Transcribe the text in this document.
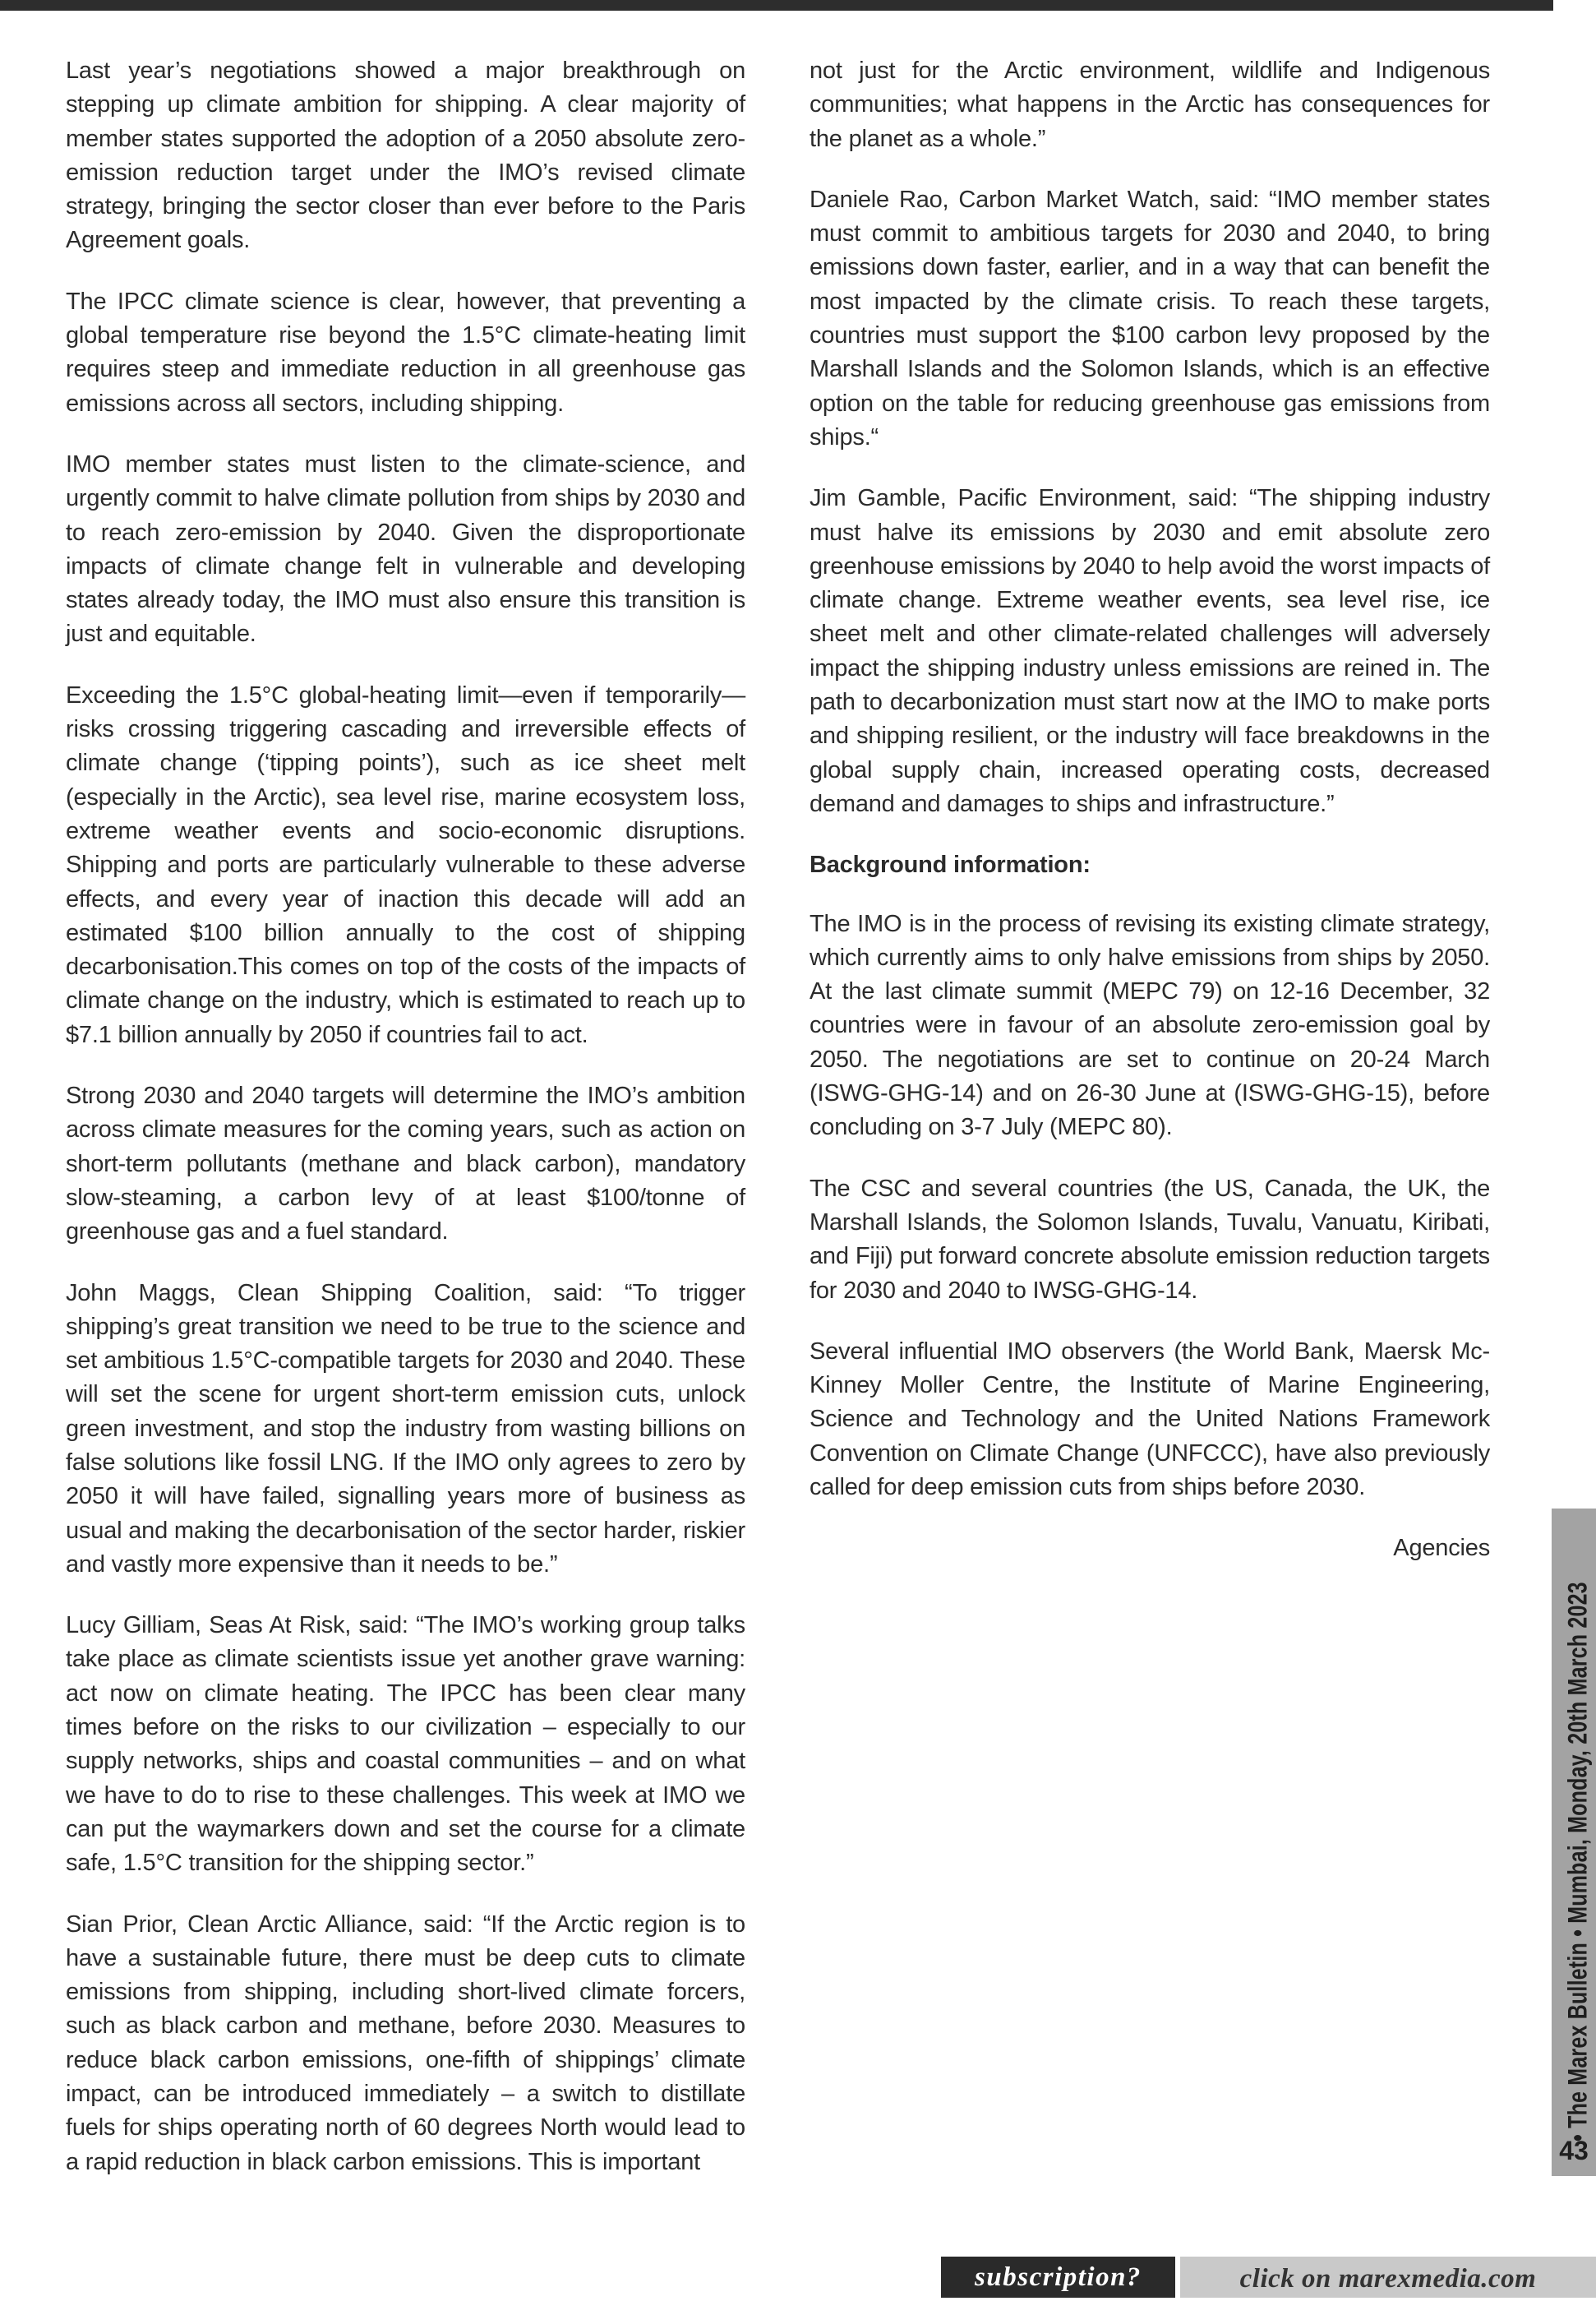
Last year’s negotiations showed a major breakthrough on stepping up climate ambition for shipping. A clear majority of member states supported the adoption of a 2050 absolute zero-emission reduction target under the IMO’s revised climate strategy, bringing the sector closer than ever before to the Paris Agreement goals.

The IPCC climate science is clear, however, that preventing a global temperature rise beyond the 1.5°C climate-heating limit requires steep and immediate reduction in all greenhouse gas emissions across all sectors, including shipping.

IMO member states must listen to the climate-science, and urgently commit to halve climate pollution from ships by 2030 and to reach zero-emission by 2040. Given the disproportionate impacts of climate change felt in vulnerable and developing states already today, the IMO must also ensure this transition is just and equitable.

Exceeding the 1.5°C global-heating limit—even if temporarily—risks crossing triggering cascading and irreversible effects of climate change (‘tipping points’), such as ice sheet melt (especially in the Arctic), sea level rise, marine ecosystem loss, extreme weather events and socio-economic disruptions. Shipping and ports are particularly vulnerable to these adverse effects, and every year of inaction this decade will add an estimated $100 billion annually to the cost of shipping decarbonisation.This comes on top of the costs of the impacts of climate change on the industry, which is estimated to reach up to $7.1 billion annually by 2050 if countries fail to act.

Strong 2030 and 2040 targets will determine the IMO’s ambition across climate measures for the coming years, such as action on short-term pollutants (methane and black carbon), mandatory slow-steaming, a carbon levy of at least $100/tonne of greenhouse gas and a fuel standard.

John Maggs, Clean Shipping Coalition, said: “To trigger shipping’s great transition we need to be true to the science and set ambitious 1.5°C-compatible targets for 2030 and 2040. These will set the scene for urgent short-term emission cuts, unlock green investment, and stop the industry from wasting billions on false solutions like fossil LNG. If the IMO only agrees to zero by 2050 it will have failed, signalling years more of business as usual and making the decarbonisation of the sector harder, riskier and vastly more expensive than it needs to be.”

Lucy Gilliam, Seas At Risk, said: “The IMO’s working group talks take place as climate scientists issue yet another grave warning: act now on climate heating. The IPCC has been clear many times before on the risks to our civilization – especially to our supply networks, ships and coastal communities – and on what we have to do to rise to these challenges. This week at IMO we can put the waymarkers down and set the course for a climate safe, 1.5°C transition for the shipping sector.”

Sian Prior, Clean Arctic Alliance, said: “If the Arctic region is to have a sustainable future, there must be deep cuts to climate emissions from shipping, including short-lived climate forcers, such as black carbon and methane, before 2030. Measures to reduce black carbon emissions, one-fifth of shippings’ climate impact, can be introduced immediately – a switch to distillate fuels for ships operating north of 60 degrees North would lead to a rapid reduction in black carbon emissions. This is important

not just for the Arctic environment, wildlife and Indigenous communities; what happens in the Arctic has consequences for the planet as a whole.”

Daniele Rao, Carbon Market Watch, said: “IMO member states must commit to ambitious targets for 2030 and 2040, to bring emissions down faster, earlier, and in a way that can benefit the most impacted by the climate crisis. To reach these targets, countries must support the $100 carbon levy proposed by the Marshall Islands and the Solomon Islands, which is an effective option on the table for reducing greenhouse gas emissions from ships.“

Jim Gamble, Pacific Environment, said: “The shipping industry must halve its emissions by 2030 and emit absolute zero greenhouse emissions by 2040 to help avoid the worst impacts of climate change. Extreme weather events, sea level rise, ice sheet melt and other climate-related challenges will adversely impact the shipping industry unless emissions are reined in. The path to decarbonization must start now at the IMO to make ports and shipping resilient, or the industry will face breakdowns in the global supply chain, increased operating costs, decreased demand and damages to ships and infrastructure.”

Background information:

The IMO is in the process of revising its existing climate strategy, which currently aims to only halve emissions from ships by 2050. At the last climate summit (MEPC 79) on 12-16 December, 32 countries were in favour of an absolute zero-emission goal by 2050. The negotiations are set to continue on 20-24 March (ISWG-GHG-14) and on 26-30 June at (ISWG-GHG-15), before concluding on 3-7 July (MEPC 80).

The CSC and several countries (the US, Canada, the UK, the Marshall Islands, the Solomon Islands, Tuvalu, Vanuatu, Kiribati, and Fiji) put forward concrete absolute emission reduction targets for 2030 and 2040 to IWSG-GHG-14.

Several influential IMO observers (the World Bank, Maersk Mc-Kinney Moller Centre, the Institute of Marine Engineering, Science and Technology and the United Nations Framework Convention on Climate Change (UNFCCC), have also previously called for deep emission cuts from ships before 2030.

Agencies

• The Marex Bulletin • Mumbai, Monday, 20th March 2023
43
subscription?	click on marexmedia.com
